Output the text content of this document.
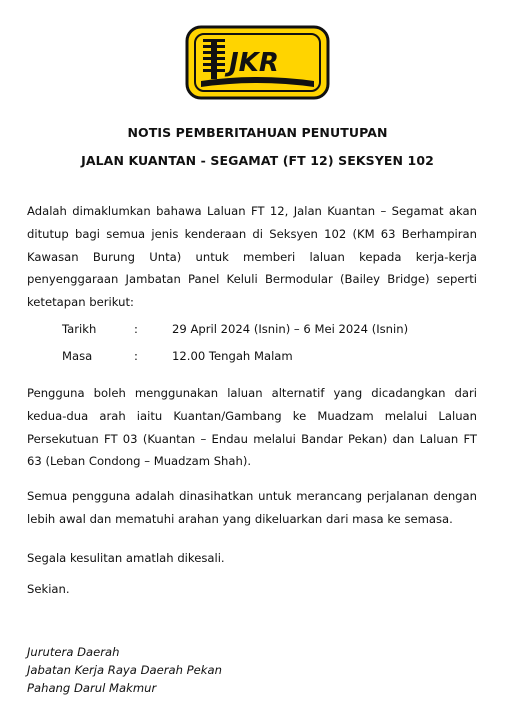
JKR
NOTIS PEMBERITAHUAN PENUTUPAN
JALAN KUANTAN - SEGAMAT (FT 12) SEKSYEN 102

Adalah dimaklumkan bahawa Laluan FT 12, Jalan Kuantan – Segamat akan ditutup bagi semua jenis kenderaan di Seksyen 102 (KM 63 Berhampiran Kawasan Burung Unta) untuk memberi laluan kepada kerja-kerja penyenggaraan Jambatan Panel Keluli Bermodular (Bailey Bridge) seperti ketetapan berikut:

Tarikh	:	29 April 2024 (Isnin) – 6 Mei 2024 (Isnin)
Masa	:	12.00 Tengah Malam

Pengguna boleh menggunakan laluan alternatif yang dicadangkan dari kedua-dua arah iaitu Kuantan/Gambang ke Muadzam melalui Laluan Persekutuan FT 03 (Kuantan – Endau melalui Bandar Pekan) dan Laluan FT 63 (Leban Condong – Muadzam Shah).

Semua pengguna adalah dinasihatkan untuk merancang perjalanan dengan lebih awal dan mematuhi arahan yang dikeluarkan dari masa ke semasa.

Segala kesulitan amatlah dikesali.
Sekian.
Jurutera Daerah
Jabatan Kerja Raya Daerah Pekan
Pahang Darul Makmur
